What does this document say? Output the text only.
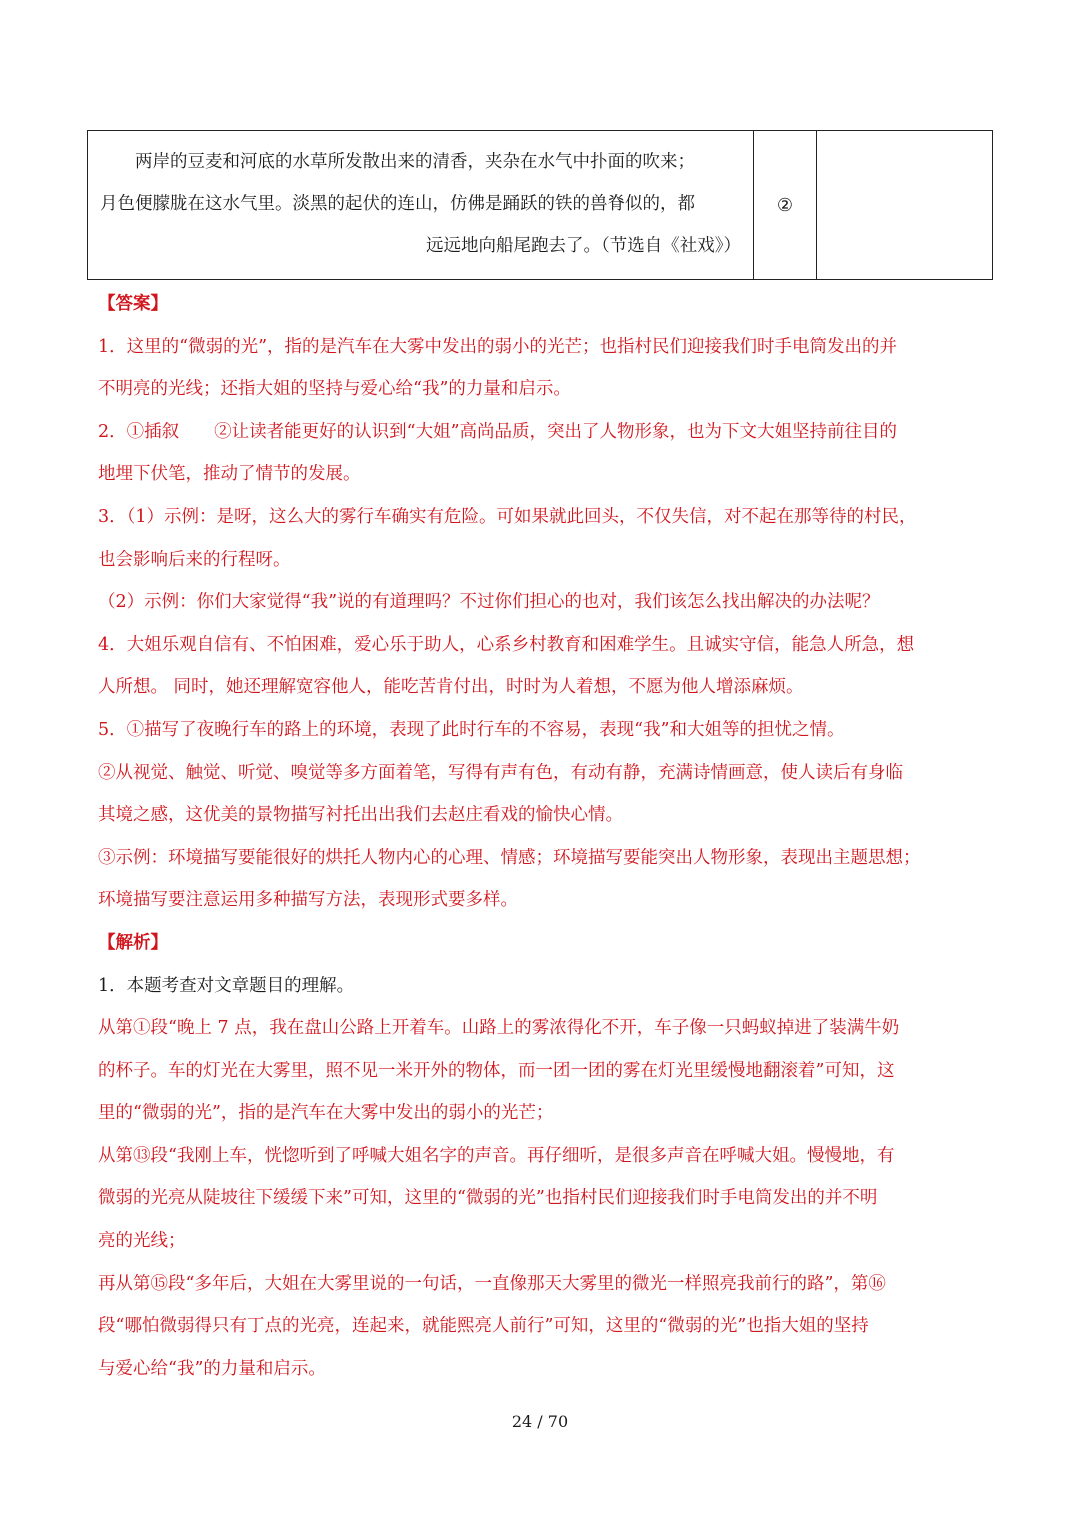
两岸的豆麦和河底的水草所发散出来的清香，夹杂在水气中扑面的吹来；
月色便朦胧在这水气里。淡黑的起伏的连山，仿佛是踊跃的铁的兽脊似的，都
远远地向船尾跑去了。（节选自《社戏》）
②
【答案】
1．这里的“微弱的光”，指的是汽车在大雾中发出的弱小的光芒；也指村民们迎接我们时手电筒发出的并
不明亮的光线；还指大姐的坚持与爱心给“我”的力量和启示。
2．①插叙　　②让读者能更好的认识到“大姐”高尚品质，突出了人物形象，也为下文大姐坚持前往目的
地埋下伏笔，推动了情节的发展。
3．（1）示例：是呀，这么大的雾行车确实有危险。可如果就此回头，不仅失信，对不起在那等待的村民，
也会影响后来的行程呀。
（2）示例：你们大家觉得“我”说的有道理吗？不过你们担心的也对，我们该怎么找出解决的办法呢？
4．大姐乐观自信有、不怕困难，爱心乐于助人，心系乡村教育和困难学生。且诚实守信，能急人所急，想
人所想。 同时，她还理解宽容他人，能吃苦肯付出，时时为人着想，不愿为他人增添麻烦。
5．①描写了夜晚行车的路上的环境，表现了此时行车的不容易，表现“我”和大姐等的担忧之情。
②从视觉、触觉、听觉、嗅觉等多方面着笔，写得有声有色，有动有静，充满诗情画意，使人读后有身临
其境之感，这优美的景物描写衬托出出我们去赵庄看戏的愉快心情。
③示例：环境描写要能很好的烘托人物内心的心理、情感；环境描写要能突出人物形象，表现出主题思想；
环境描写要注意运用多种描写方法，表现形式要多样。
【解析】
1．本题考查对文章题目的理解。
从第①段“晚上 7 点，我在盘山公路上开着车。山路上的雾浓得化不开，车子像一只蚂蚁掉进了装满牛奶
的杯子。车的灯光在大雾里，照不见一米开外的物体，而一团一团的雾在灯光里缓慢地翻滚着”可知，这
里的“微弱的光”，指的是汽车在大雾中发出的弱小的光芒；
从第⑬段“我刚上车，恍惚听到了呼喊大姐名字的声音。再仔细听，是很多声音在呼喊大姐。慢慢地，有
微弱的光亮从陡坡往下缓缓下来”可知，这里的“微弱的光”也指村民们迎接我们时手电筒发出的并不明
亮的光线；
再从第⑮段“多年后，大姐在大雾里说的一句话，一直像那天大雾里的微光一样照亮我前行的路”，第⑯
段“哪怕微弱得只有丁点的光亮，连起来，就能熙亮人前行”可知，这里的“微弱的光”也指大姐的坚持
与爱心给“我”的力量和启示。
24 / 70
